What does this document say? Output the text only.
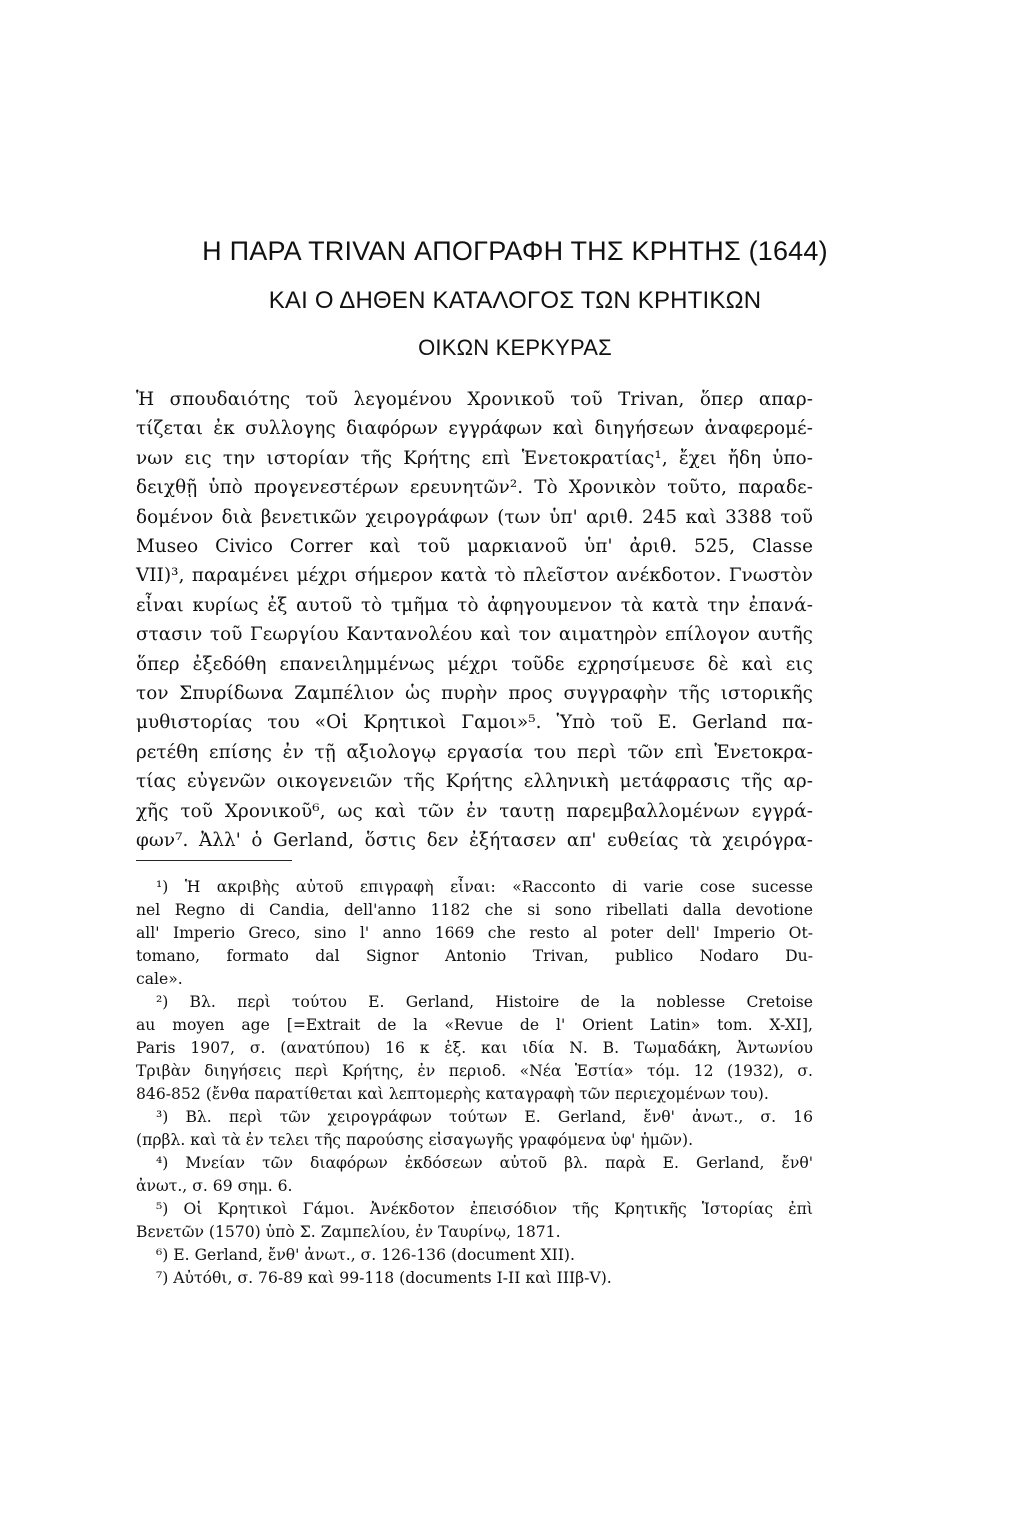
Η ΠΑΡΑ TRIVAN ΑΠΟΓΡΑΦΗ ΤΗΣ ΚΡΗΤΗΣ (1644)
ΚΑΙ Ο ΔΗΘΕΝ ΚΑΤΑΛΟΓΟΣ ΤΩΝ ΚΡΗΤΙΚΩΝ
ΟΙΚΩΝ ΚΕΡΚΥΡΑΣ
Ἡ σπουδαιότης τοῦ λεγομένου Χρονικοῦ τοῦ Trivan, ὅπερ απαρ-
τίζεται ἐκ συλλογης διαφόρων εγγράφων καὶ διηγήσεων ἀναφερομέ-
νων εις την ιστορίαν τῆς Κρήτης επὶ Ἑνετοκρατίας¹, ἔχει ἤδη ὑπο-
δειχθῇ ὑπὸ προγενεστέρων ερευνητῶν². Τὸ Χρονικὸν τοῦτο, παραδε-
δομένον διὰ βενετικῶν χειρογράφων (των ὑπ' αριθ. 245 καὶ 3388 τοῦ
Museo Civico Correr καὶ τοῦ μαρκιανοῦ ὑπ' ἀριθ. 525, Classe
VII)³, παραμένει μέχρι σήμερον κατὰ τὸ πλεῖστον ανέκδοτον. Γνωστὸν
εἶναι κυρίως ἐξ αυτοῦ τὸ τμῆμα τὸ ἀφηγουμενον τὰ κατὰ την ἐπανά-
στασιν τοῦ Γεωργίου Καντανολέου καὶ τον αιματηρὸν επίλογον αυτῆς
ὅπερ ἐξεδόθη επανειλημμένως μέχρι τοῦδε εχρησίμευσε δὲ καὶ εις
τον Σπυρίδωνα Ζαμπέλιον ὡς πυρὴν προς συγγραφὴν τῆς ιστορικῆς
μυθιστορίας του «Οἱ Κρητικοὶ Γαμοι»⁵. Ὑπὸ τοῦ Ε. Gerland πα-
ρετέθη επίσης ἐν τῇ αξιολογῳ εργασία του περὶ τῶν επὶ Ἑνετοκρα-
τίας εὐγενῶν οικογενειῶν τῆς Κρήτης ελληνικὴ μετάφρασις τῆς αρ-
χῆς τοῦ Χρονικοῦ⁶, ως καὶ τῶν ἐν ταυτῃ παρεμβαλλομένων εγγρά-
φων⁷. Ἀλλ' ὁ Gerland, ὅστις δεν ἐξήτασεν απ' ευθείας τὰ χειρόγρα-
¹) Ἡ ακριβὴς αὐτοῦ επιγραφὴ εἶναι: «Racconto di varie cose sucesse
nel Regno di Candia, dell'anno 1182 che si sono ribellati dalla devotione
all' Imperio Greco, sino l' anno 1669 che resto al poter dell' Imperio Ot-
tomano, formato dal Signor Antonio Trivan, publico Nodaro Du-
cale».
²) Βλ. περὶ τούτου Ε. Gerland, Histoire de la noblesse Cretoise
au moyen age [=Extrait de la «Revue de l' Orient Latin» tom. X-XI],
Paris 1907, σ. (ανατύπου) 16 κ ἑξ. και ιδία Ν. Β. Τωμαδάκη, Ἀντωνίου
Τριβὰν διηγήσεις περὶ Κρήτης, ἐν περιοδ. «Νέα Ἑστία» τόμ. 12 (1932), σ.
846-852 (ἔνθα παρατίθεται καὶ λεπτομερὴς καταγραφὴ τῶν περιεχομένων του).
³) Βλ. περὶ τῶν χειρογράφων τούτων Ε. Gerland, ἔνθ' ἀνωτ., σ. 16
(πρβλ. καὶ τὰ ἐν τελει τῆς παρούσης εἰσαγωγῆς γραφόμενα ὑφ' ἡμῶν).
⁴) Μνείαν τῶν διαφόρων ἐκδόσεων αὐτοῦ βλ. παρὰ Ε. Gerland, ἔνθ'
ἀνωτ., σ. 69 σημ. 6.
⁵) Οἱ Κρητικοὶ Γάμοι. Ἀνέκδοτον ἐπεισόδιον τῆς Κρητικῆς Ἱστορίας ἐπὶ
Βενετῶν (1570) ὑπὸ Σ. Ζαμπελίου, ἐν Ταυρίνῳ, 1871.
⁶) Ε. Gerland, ἔνθ' ἀνωτ., σ. 126-136 (document XII).
⁷) Αὐτόθι, σ. 76-89 καὶ 99-118 (documents I-II καὶ IIIβ-V).
